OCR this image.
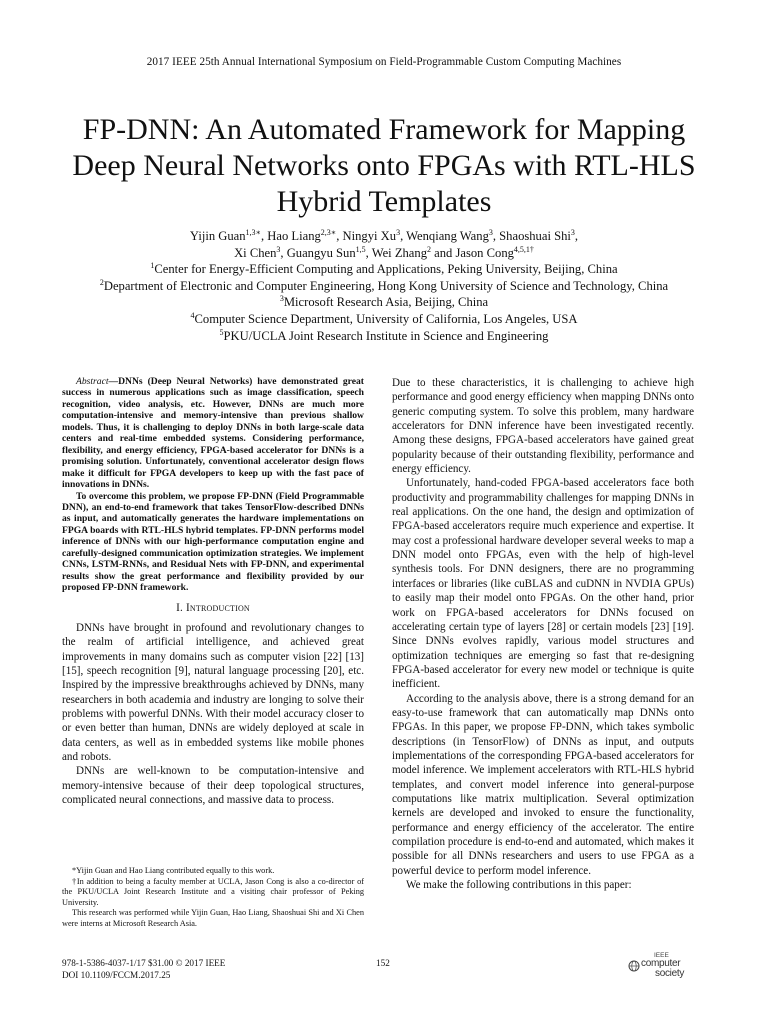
2017 IEEE 25th Annual International Symposium on Field-Programmable Custom Computing Machines
FP-DNN: An Automated Framework for Mapping
Deep Neural Networks onto FPGAs with RTL-HLS
Hybrid Templates
Yijin Guan$^{1,3∗}$, Hao Liang$^{2,3∗}$, Ningyi Xu$^3$, Wenqiang Wang$^3$, Shaoshuai Shi$^3$,
Xi Chen$^3$, Guangyu Sun$^{1,5}$, Wei Zhang$^2$ and Jason Cong$^{4,5,1\dagger}$
$^1$Center for Energy-Efficient Computing and Applications, Peking University, Beijing, China
$^2$Department of Electronic and Computer Engineering, Hong Kong University of Science and Technology, China
$^3$Microsoft Research Asia, Beijing, China
$^4$Computer Science Department, University of California, Los Angeles, USA
$^5$PKU/UCLA Joint Research Institute in Science and Engineering

Abstract—DNNs (Deep Neural Networks) have demonstrated great success in numerous applications such as image classification, speech recognition, video analysis, etc. However, DNNs are much more computation-intensive and memory-intensive than previous shallow models. Thus, it is challenging to deploy DNNs in both large-scale data centers and real-time embedded systems. Considering performance, flexibility, and energy efficiency, FPGA-based accelerator for DNNs is a promising solution. Unfortunately, conventional accelerator design flows make it difficult for FPGA developers to keep up with the fast pace of innovations in DNNs.

To overcome this problem, we propose FP-DNN (Field Programmable DNN), an end-to-end framework that takes TensorFlow-described DNNs as input, and automatically generates the hardware implementations on FPGA boards with RTL-HLS hybrid templates. FP-DNN performs model inference of DNNs with our high-performance computation engine and carefully-designed communication optimization strategies. We implement CNNs, LSTM-RNNs, and Residual Nets with FP-DNN, and experimental results show the great performance and flexibility provided by our proposed FP-DNN framework.

I. Introduction

DNNs have brought in profound and revolutionary changes to the realm of artificial intelligence, and achieved great improvements in many domains such as computer vision [22] [13] [15], speech recognition [9], natural language processing [20], etc. Inspired by the impressive breakthroughs achieved by DNNs, many researchers in both academia and industry are longing to solve their problems with powerful DNNs. With their model accuracy closer to or even better than human, DNNs are widely deployed at scale in data centers, as well as in embedded systems like mobile phones and robots.

DNNs are well-known to be computation-intensive and memory-intensive because of their deep topological structures, complicated neural connections, and massive data to process.

*Yijin Guan and Hao Liang contributed equally to this work.

†In addition to being a faculty member at UCLA, Jason Cong is also a co-director of the PKU/UCLA Joint Research Institute and a visiting chair professor of Peking University.

This research was performed while Yijin Guan, Hao Liang, Shaoshuai Shi and Xi Chen were interns at Microsoft Research Asia.

Due to these characteristics, it is challenging to achieve high performance and good energy efficiency when mapping DNNs onto generic computing system. To solve this problem, many hardware accelerators for DNN inference have been investigated recently. Among these designs, FPGA-based accelerators have gained great popularity because of their outstanding flexibility, performance and energy efficiency.

Unfortunately, hand-coded FPGA-based accelerators face both productivity and programmability challenges for mapping DNNs in real applications. On the one hand, the design and optimization of FPGA-based accelerators require much experience and expertise. It may cost a professional hardware developer several weeks to map a DNN model onto FPGAs, even with the help of high-level synthesis tools. For DNN designers, there are no programming interfaces or libraries (like cuBLAS and cuDNN in NVDIA GPUs) to easily map their model onto FPGAs. On the other hand, prior work on FPGA-based accelerators for DNNs focused on accelerating certain type of layers [28] or certain models [23] [19]. Since DNNs evolves rapidly, various model structures and optimization techniques are emerging so fast that re-designing FPGA-based accelerator for every new model or technique is quite inefficient.

According to the analysis above, there is a strong demand for an easy-to-use framework that can automatically map DNNs onto FPGAs. In this paper, we propose FP-DNN, which takes symbolic descriptions (in TensorFlow) of DNNs as input, and outputs implementations of the corresponding FPGA-based accelerators for model inference. We implement accelerators with RTL-HLS hybrid templates, and convert model inference into general-purpose computations like matrix multiplication. Several optimization kernels are developed and invoked to ensure the functionality, performance and energy efficiency of the accelerator. The entire compilation procedure is end-to-end and automated, which makes it possible for all DNNs researchers and users to use FPGA as a powerful device to perform model inference.

We make the following contributions in this paper:

978-1-5386-4037-1/17 $31.00 © 2017 IEEE
DOI 10.1109/FCCM.2017.25
152
IEEE
computer
society
